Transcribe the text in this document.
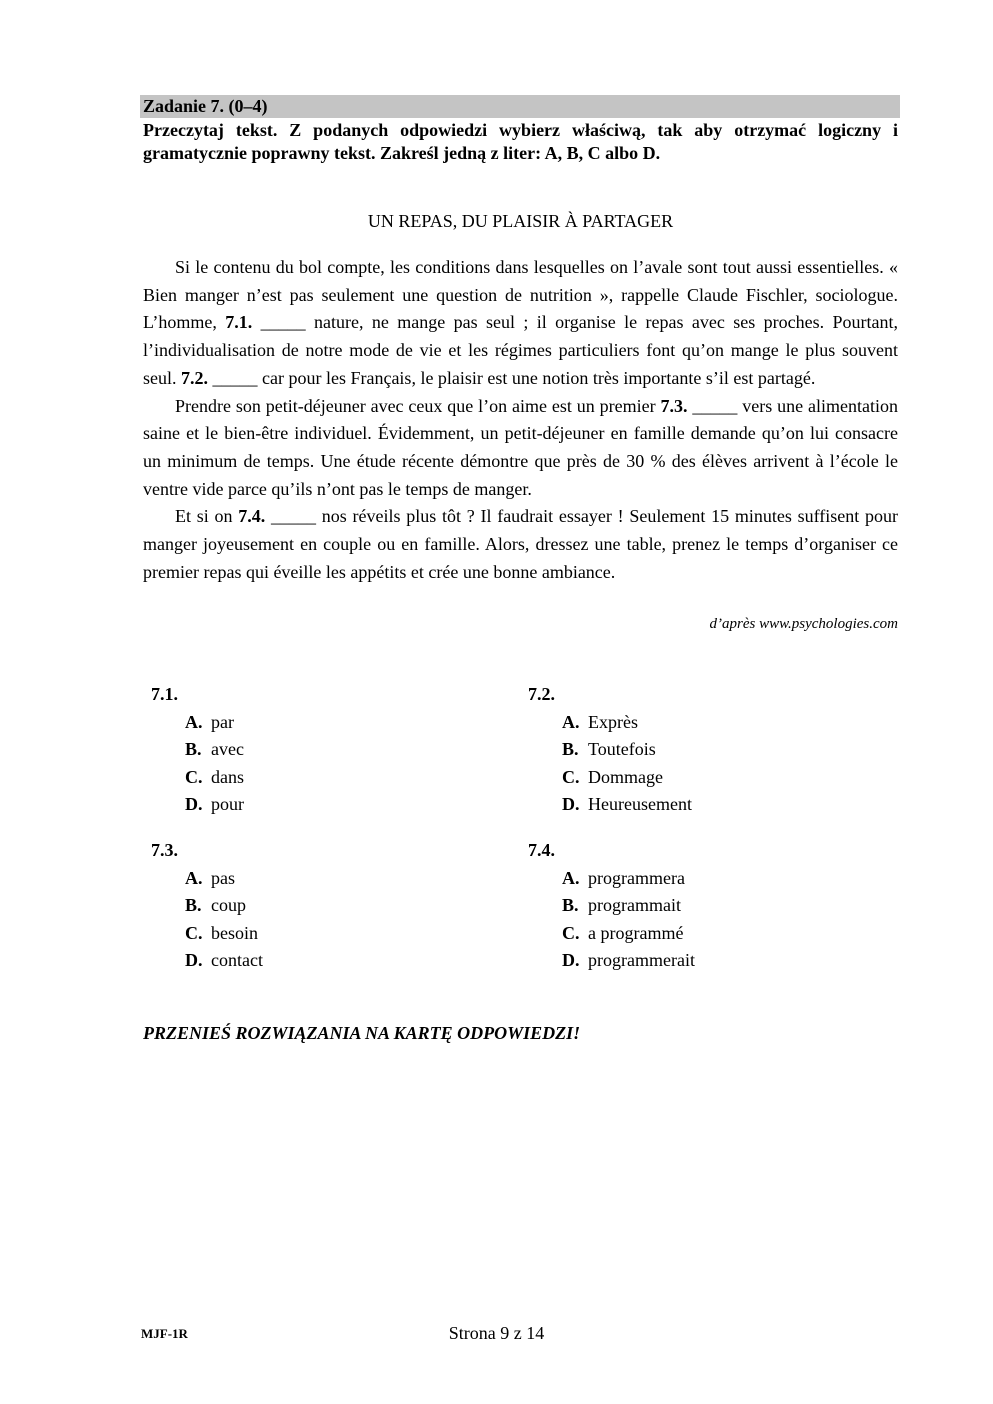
Zadanie 7. (0–4)
Przeczytaj tekst. Z podanych odpowiedzi wybierz właściwą, tak aby otrzymać logiczny i gramatycznie poprawny tekst. Zakreśl jedną z liter: A, B, C albo D.
UN REPAS, DU PLAISIR À PARTAGER

Si le contenu du bol compte, les conditions dans lesquelles on l’avale sont tout aussi essentielles. « Bien manger n’est pas seulement une question de nutrition », rappelle Claude Fischler, sociologue. L’homme, 7.1. _____ nature, ne mange pas seul ; il organise le repas avec ses proches. Pourtant, l’individualisation de notre mode de vie et les régimes particuliers font qu’on mange le plus souvent seul. 7.2. _____ car pour les Français, le plaisir est une notion très importante s’il est partagé.

Prendre son petit-déjeuner avec ceux que l’on aime est un premier 7.3. _____ vers une alimentation saine et le bien-être individuel. Évidemment, un petit-déjeuner en famille demande qu’on lui consacre un minimum de temps. Une étude récente démontre que près de 30 % des élèves arrivent à l’école le ventre vide parce qu’ils n’ont pas le temps de manger.

Et si on 7.4. _____ nos réveils plus tôt ? Il faudrait essayer ! Seulement 15 minutes suffisent pour manger joyeusement en couple ou en famille. Alors, dressez une table, prenez le temps d’organiser ce premier repas qui éveille les appétits et crée une bonne ambiance.

d’après www.psychologies.com
7.1.
A. par
B. avec
C. dans
D. pour
7.2.
A. Exprès
B. Toutefois
C. Dommage
D. Heureusement
7.3.
A. pas
B. coup
C. besoin
D. contact
7.4.
A. programmera
B. programmait
C. a programmé
D. programmerait
PRZENIEŚ ROZWIĄZANIA NA KARTĘ ODPOWIEDZI!
MJF-1R	Strona 9 z 14
